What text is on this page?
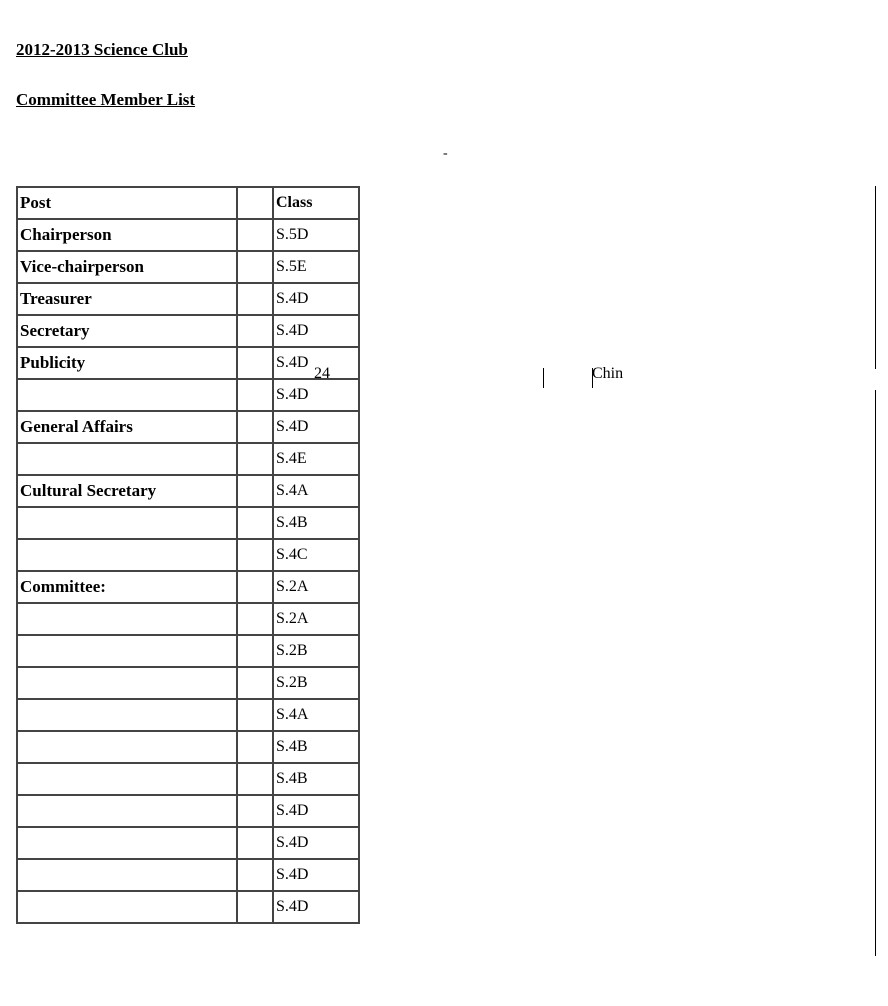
2012-2013 Science Club
Committee Member List
-
Post		Class
Chairperson		S.5D
Vice-chairperson		S.5E
Treasurer		S.4D
Secretary		S.4D
Publicity		S.4D
		S.4D
General Affairs		S.4D
		S.4E
Cultural Secretary		S.4A
		S.4B
		S.4C
Committee:		S.2A
		S.2A
		S.2B
		S.2B
		S.4A
		S.4B
		S.4B
		S.4D
		S.4D
		S.4D
		S.4D
24	Chin
